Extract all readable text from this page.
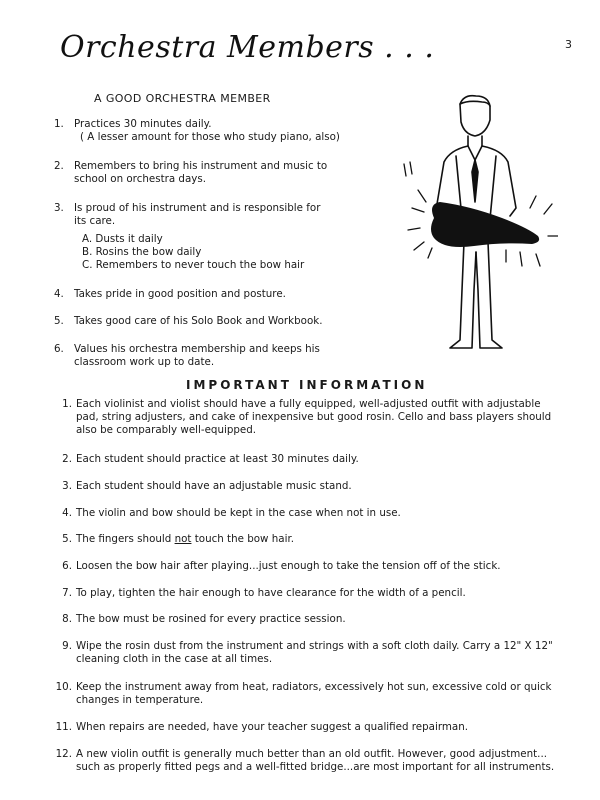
Orchestra Members . . .	3
A GOOD ORCHESTRA MEMBER
1. Practices 30 minutes daily.
( A lesser amount for those who study piano, also)
2. Remembers to bring his instrument and music to
school on orchestra days.
3. Is proud of his instrument and is responsible for
its care.
A. Dusts it daily
B. Rosins the bow daily
C. Remembers to never touch the bow hair
4. Takes pride in good position and posture.
5. Takes good care of his Solo Book and Workbook.
6. Values his orchestra membership and keeps his
classroom work up to date.
IMPORTANT INFORMATION
1. Each violinist and violist should have a fully equipped, well-adjusted outfit with adjustable
pad, string adjusters, and cake of inexpensive but good rosin. Cello and bass players should
also be comparably well-equipped.
2. Each student should practice at least 30 minutes daily.
3. Each student should have an adjustable music stand.
4. The violin and bow should be kept in the case when not in use.
5. The fingers should not touch the bow hair.
6. Loosen the bow hair after playing...just enough to take the tension off of the stick.
7. To play, tighten the hair enough to have clearance for the width of a pencil.
8. The bow must be rosined for every practice session.
9. Wipe the rosin dust from the instrument and strings with a soft cloth daily. Carry a 12" X 12"
cleaning cloth in the case at all times.
10. Keep the instrument away from heat, radiators, excessively hot sun, excessive cold or quick
changes in temperature.
11. When repairs are needed, have your teacher suggest a qualified repairman.
12. A new violin outfit is generally much better than an old outfit. However, good adjustment...
such as properly fitted pegs and a well-fitted bridge...are most important for all instruments.
